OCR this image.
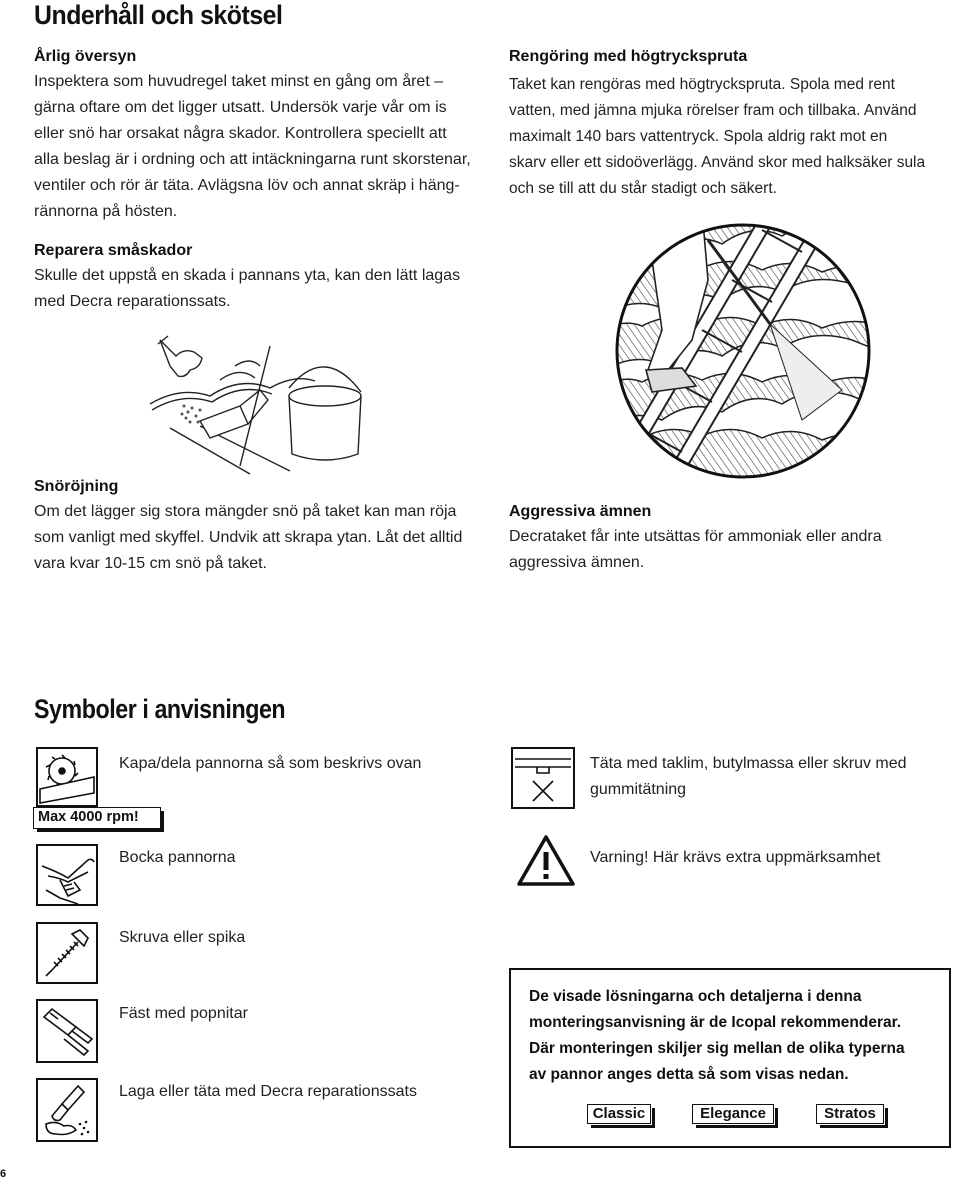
Underhåll och skötsel
Årlig översyn
Inspektera som huvudregel taket minst en gång om året –
gärna oftare om det ligger utsatt. Undersök varje vår om is
eller snö har orsakat några skador. Kontrollera speciellt att
alla beslag är i ordning och att intäckningarna runt skorstenar,
ventiler och rör är täta. Avlägsna löv och annat skräp i häng-
rännorna på hösten.
Reparera småskador
Skulle det uppstå en skada i pannans yta, kan den lätt lagas
med Decra reparationssats.
Rengöring med högtryckspruta
Taket kan rengöras med högtryckspruta. Spola med rent
vatten, med jämna mjuka rörelser fram och tillbaka. Använd
maximalt 140 bars vattentryck. Spola aldrig rakt mot en
skarv eller ett sidoöverlägg. Använd skor med halksäker sula
och se till att du står stadigt och säkert.
Snöröjning
Om det lägger sig stora mängder snö på taket kan man röja
som vanligt med skyffel. Undvik att skrapa ytan. Låt det alltid
vara kvar 10-15 cm snö på taket.
Aggressiva ämnen
Decrataket får inte utsättas för ammoniak eller andra
aggressiva ämnen.
Symboler i anvisningen
Max 4000 rpm!
Kapa/dela pannorna så som beskrivs ovan
Bocka pannorna
Skruva eller spika
Fäst med popnitar
Laga eller täta med Decra reparationssats
Täta med taklim, butylmassa eller skruv med
gummitätning
Varning! Här krävs extra uppmärksamhet
De visade lösningarna och detaljerna i denna
monteringsanvisning är de Icopal rekommenderar.
Där monteringen skiljer sig mellan de olika typerna
av pannor anges detta så som visas nedan.
Classic	Elegance	Stratos
6
